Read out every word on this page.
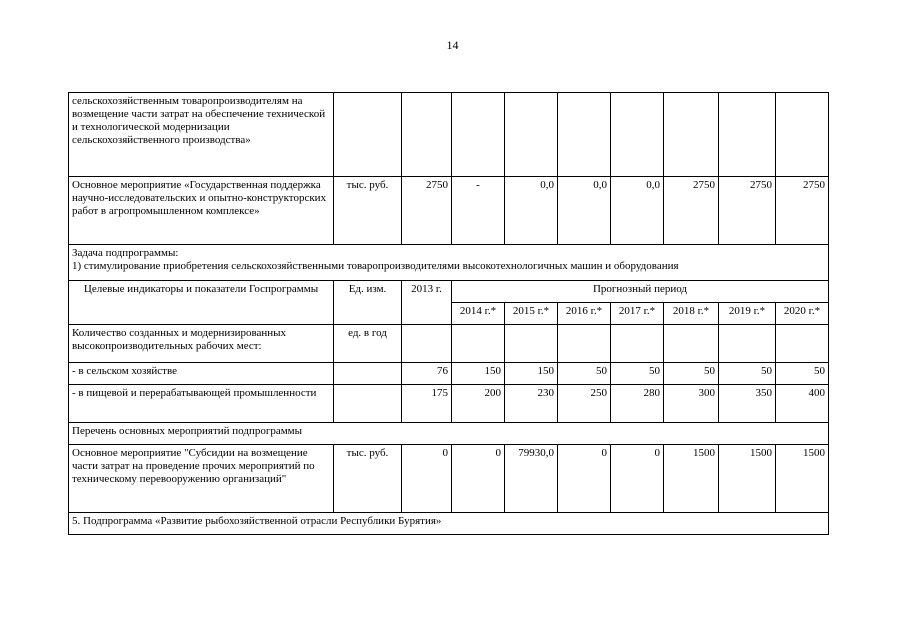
14
сельскохозяйственным товаропроизводителям на возмещение части затрат на обеспечение технической и технологической модернизации сельскохозяйственного производства»									
Основное мероприятие «Государственная поддержка научно-исследовательских и опытно-конструкторских работ в агропромышленном комплексе»	тыс. руб.	2750	-	0,0	0,0	0,0	2750	2750	2750

Задача подпрограммы:
1) стимулирование приобретения сельскохозяйственными товаропроизводителями высокотехнологичных машин и оборудования									

Целевые индикаторы и показатели Госпрограммы	Ед. изм.	2013 г.	Прогнозный период						
			2014 г.*	2015 г.*	2016 г.*	2017 г.*	2018 г.*	2019 г.*	2020 г.*
Количество созданных и модернизированных высокопроизводительных рабочих мест:	ед. в год								
- в сельском хозяйстве		76	150	150	50	50	50	50	50
- в пищевой и перерабатывающей промышленности		175	200	230	250	280	300	350	400
Перечень основных мероприятий подпрограммы									
Основное мероприятие "Субсидии на возмещение части затрат на проведение прочих мероприятий по техническому перевооружению организаций"	тыс. руб.	0	0	79930,0	0	0	1500	1500	1500
5. Подпрограмма «Развитие рыбохозяйственной отрасли Республики Бурятия»									
